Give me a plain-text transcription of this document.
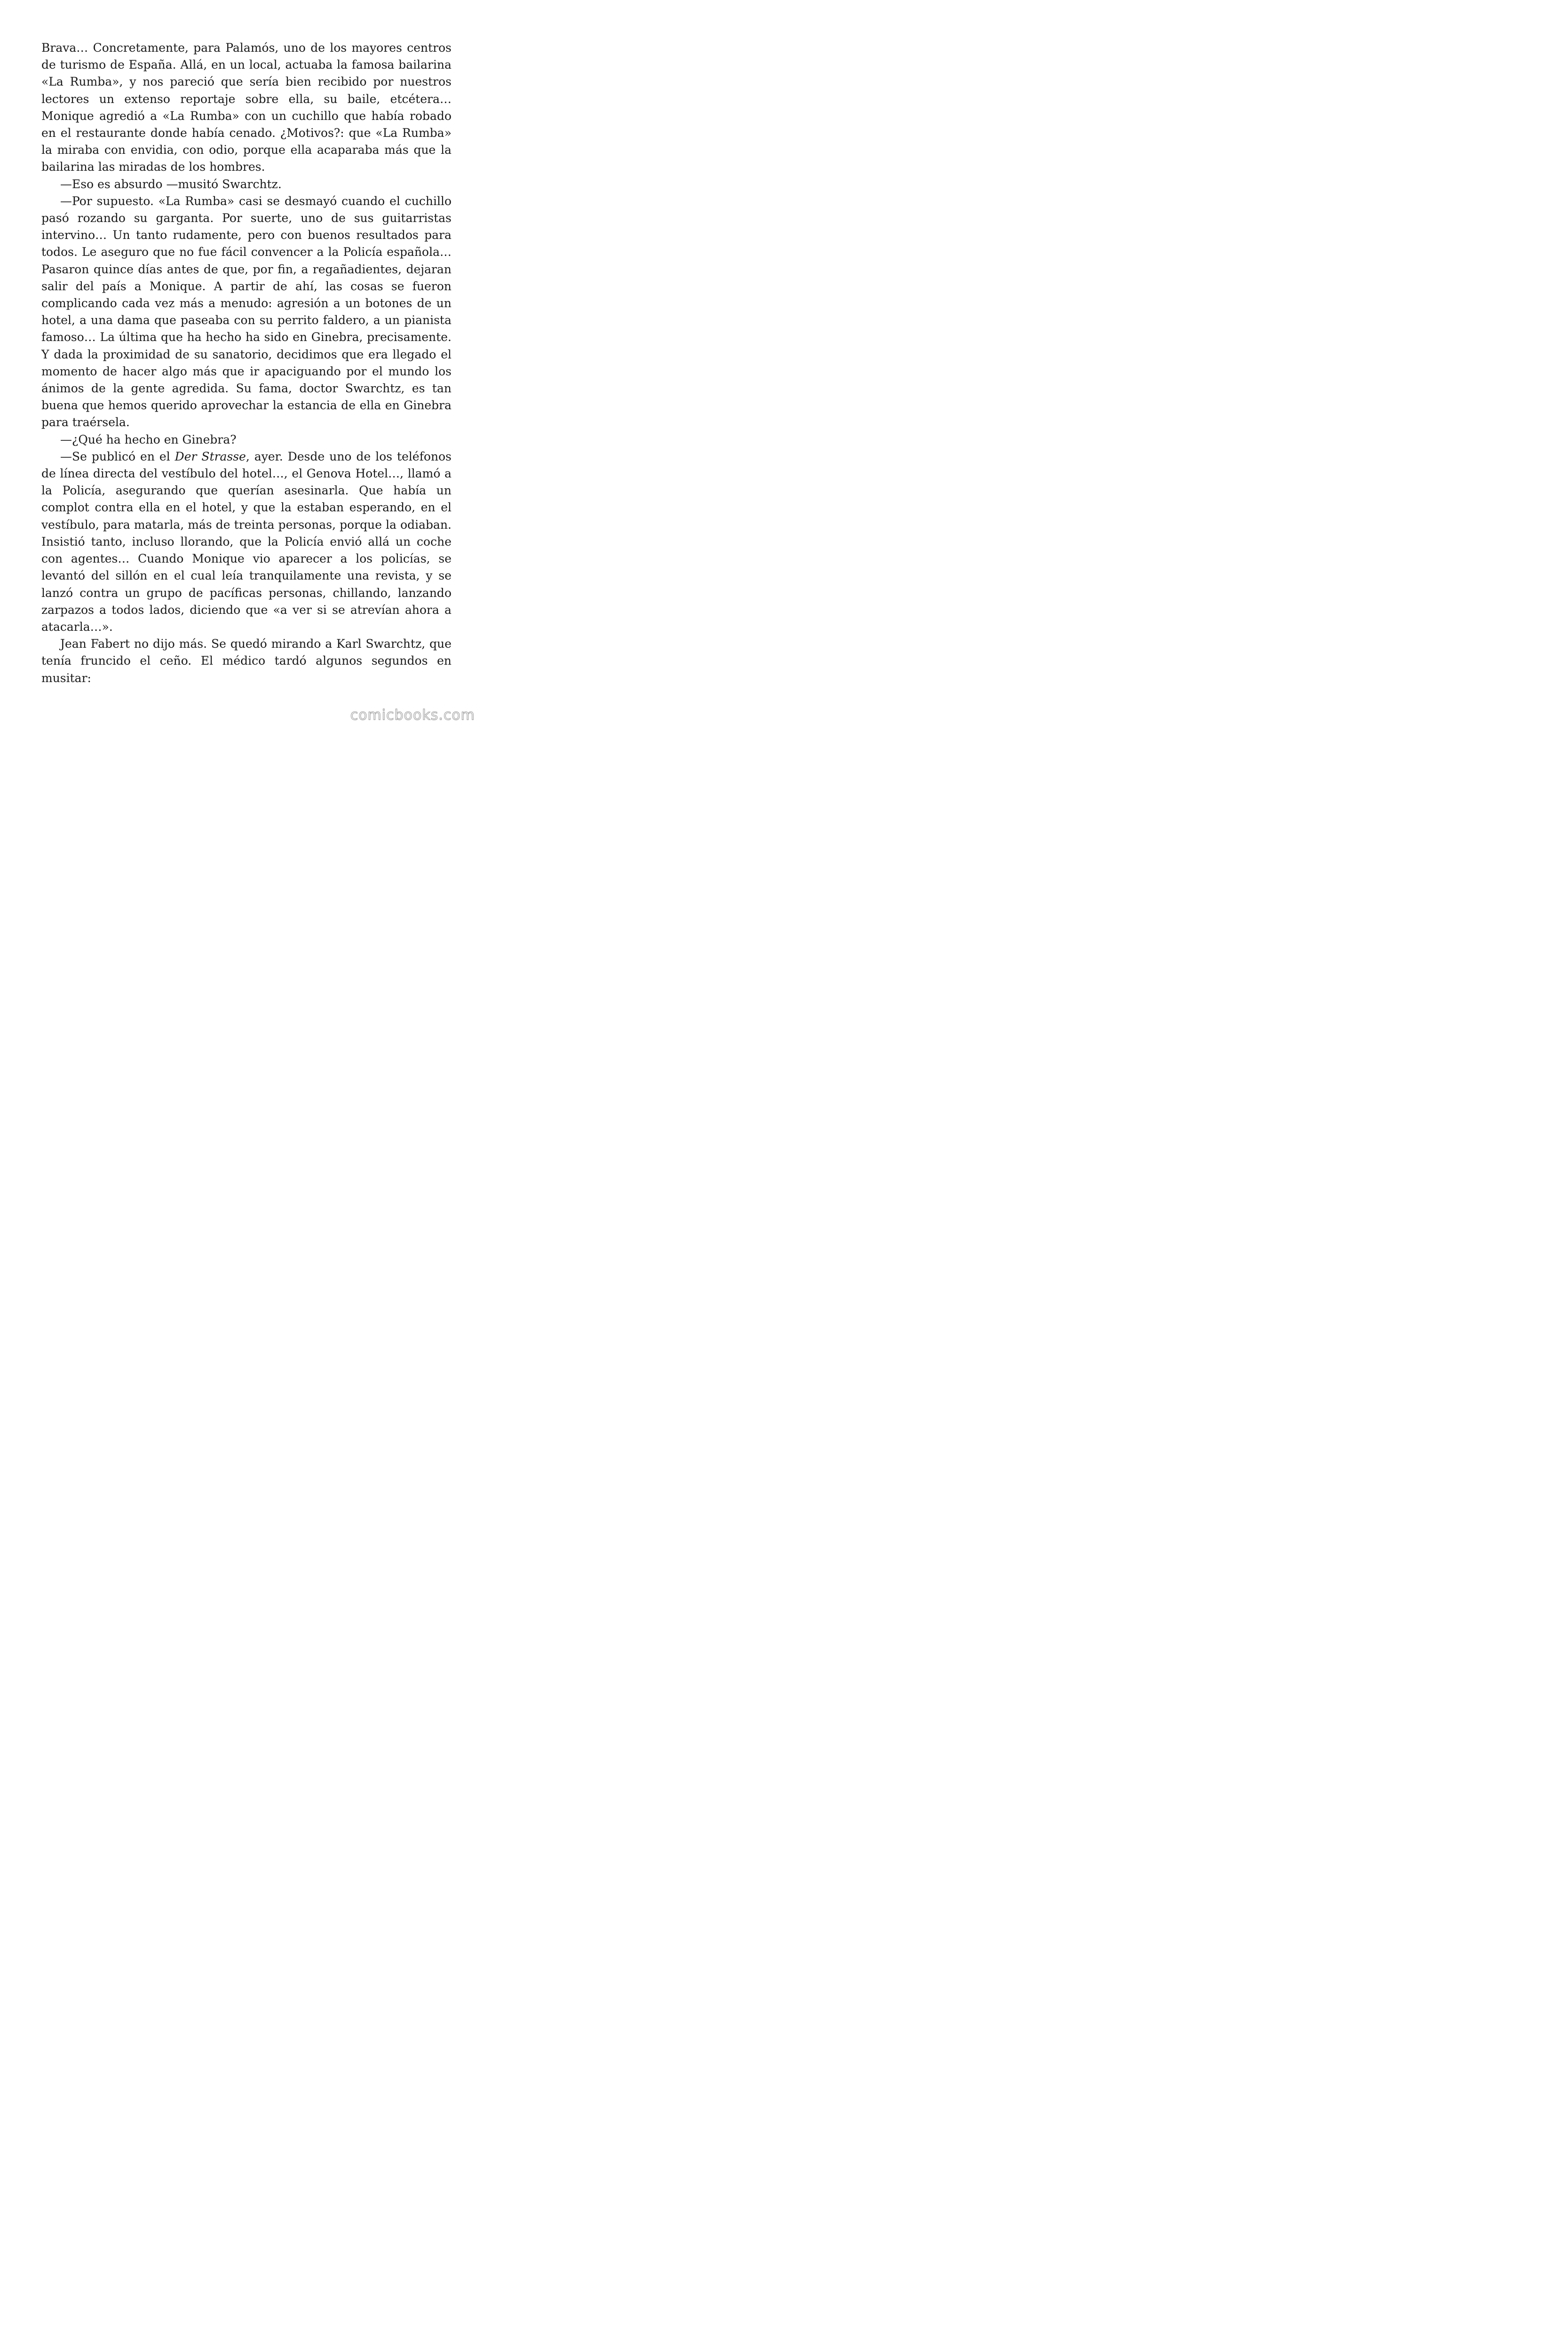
Brava… Concretamente, para Palamós, uno de los mayores centros de turismo de España. Allá, en un local, actuaba la famosa bailarina «La Rumba», y nos pareció que sería bien recibido por nuestros lectores un extenso reportaje sobre ella, su baile, etcétera… Monique agredió a «La Rumba» con un cuchillo que había robado en el restaurante donde había cenado. ¿Motivos?: que «La Rumba» la miraba con envidia, con odio, porque ella acaparaba más que la bailarina las miradas de los hombres.

—Eso es absurdo —musitó Swarchtz.

—Por supuesto. «La Rumba» casi se desmayó cuando el cuchillo pasó rozando su garganta. Por suerte, uno de sus guitarristas intervino… Un tanto rudamente, pero con buenos resultados para todos. Le aseguro que no fue fácil convencer a la Policía española… Pasaron quince días antes de que, por fin, a regañadientes, dejaran salir del país a Monique. A partir de ahí, las cosas se fueron complicando cada vez más a menudo: agresión a un botones de un hotel, a una dama que paseaba con su perrito faldero, a un pianista famoso… La última que ha hecho ha sido en Ginebra, precisamente. Y dada la proximidad de su sanatorio, decidimos que era llegado el momento de hacer algo más que ir apaciguando por el mundo los ánimos de la gente agredida. Su fama, doctor Swarchtz, es tan buena que hemos querido aprovechar la estancia de ella en Ginebra para traérsela.

—¿Qué ha hecho en Ginebra?

—Se publicó en el Der Strasse, ayer. Desde uno de los teléfonos de línea directa del vestíbulo del hotel…, el Genova Hotel…, llamó a la Policía, asegurando que querían asesinarla. Que había un complot contra ella en el hotel, y que la estaban esperando, en el vestíbulo, para matarla, más de treinta personas, porque la odiaban. Insistió tanto, incluso llorando, que la Policía envió allá un coche con agentes… Cuando Monique vio aparecer a los policías, se levantó del sillón en el cual leía tranquilamente una revista, y se lanzó contra un grupo de pacíficas personas, chillando, lanzando zarpazos a todos lados, diciendo que «a ver si se atrevían ahora a atacarla…».

Jean Fabert no dijo más. Se quedó mirando a Karl Swarchtz, que tenía fruncido el ceño. El médico tardó algunos segundos en musitar:

comicbooks.com
